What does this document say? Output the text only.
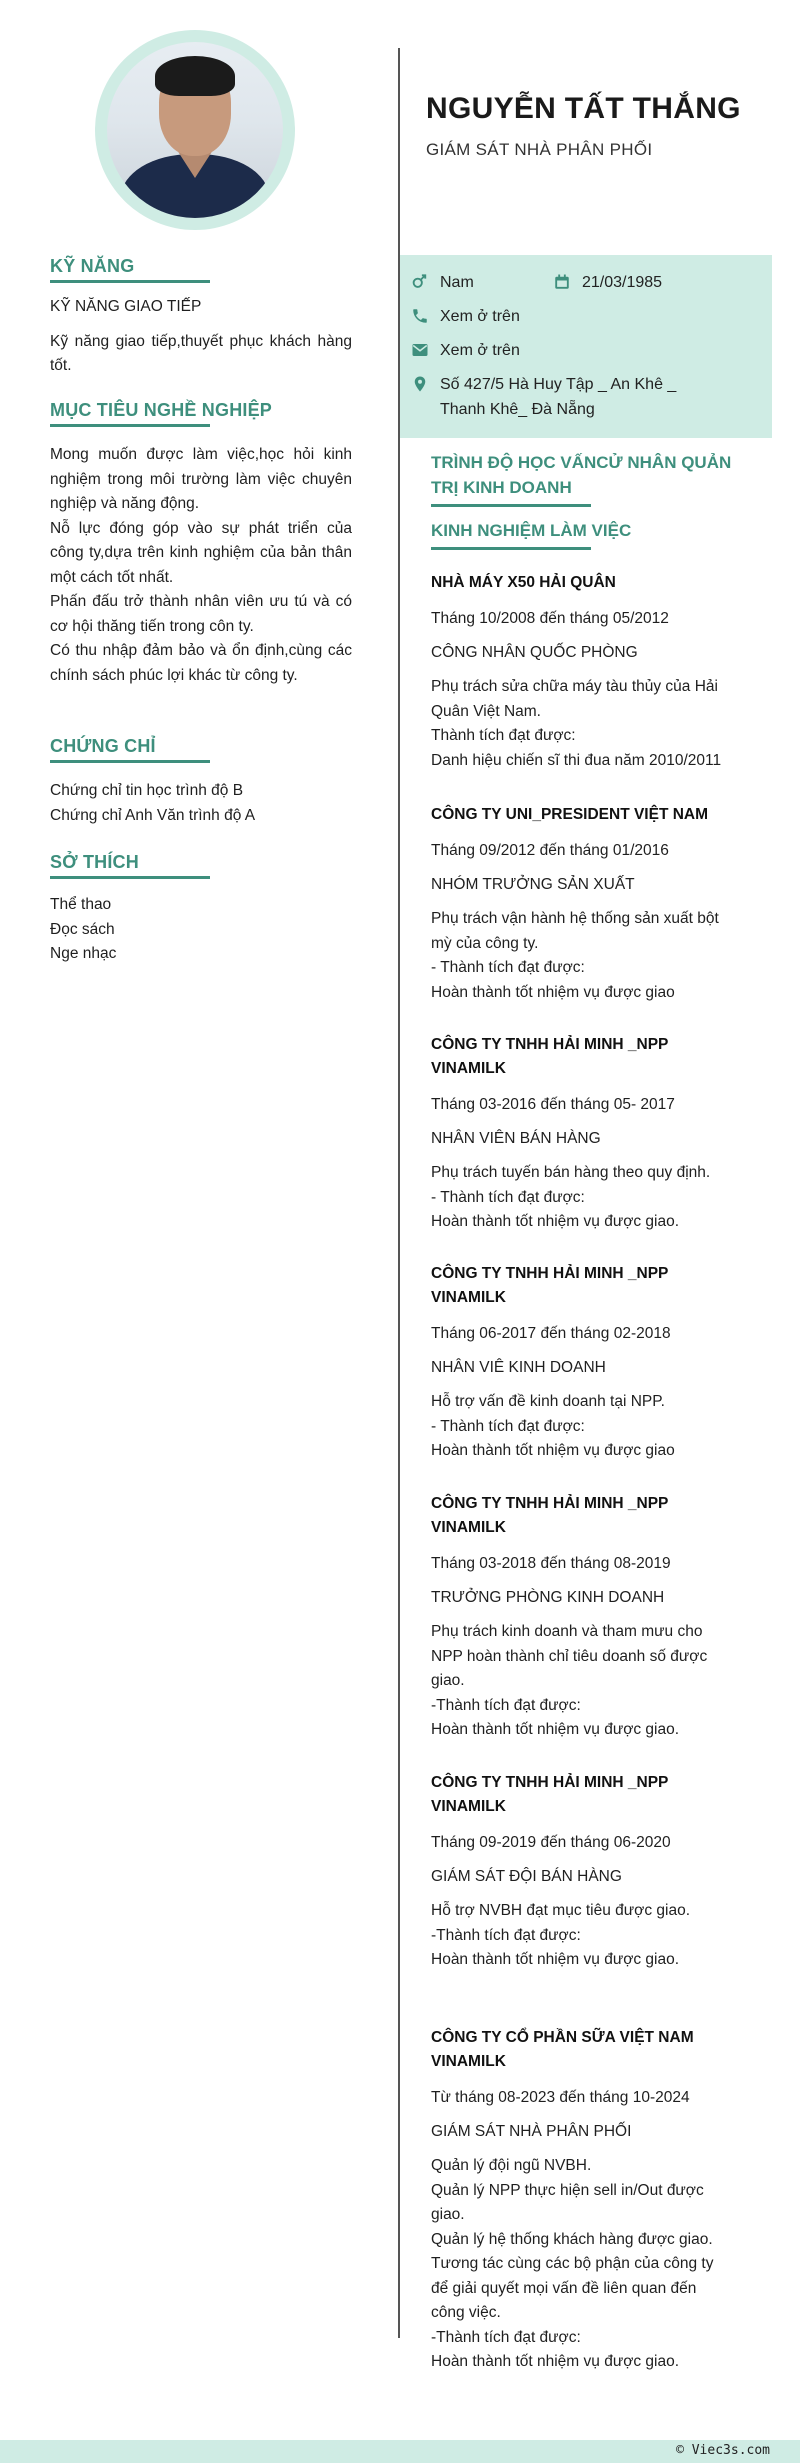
KỸ NĂNG

KỸ NĂNG GIAO TIẾP

Kỹ năng giao tiếp,thuyết phục khách hàng tốt.

MỤC TIÊU NGHỀ NGHIỆP

Mong muốn được làm việc,học hỏi kinh nghiệm trong môi trường làm việc chuyên nghiệp và năng động.

Nỗ lực đóng góp vào sự phát triển của công ty,dựa trên kinh nghiệm của bản thân một cách tốt nhất.

Phấn đấu trở thành nhân viên ưu tú và có cơ hội thăng tiến trong côn ty.

Có thu nhập đảm bảo và ổn định,cùng các chính sách phúc lợi khác từ công ty.

CHỨNG CHỈ

Chứng chỉ tin học trình độ B

Chứng chỉ Anh Văn trình độ A

SỞ THÍCH

Thể thao

Đọc sách

Nge nhạc

NGUYỄN TẤT THẮNG
GIÁM SÁT NHÀ PHÂN PHỐI
Nam	21/03/1985
Xem ở trên
Xem ở trên
Số 427/5 Hà Huy Tập _ An Khê _
Thanh Khê_ Đà Nẵng
TRÌNH ĐỘ HỌC VẤNCỬ NHÂN QUẢN
TRỊ KINH DOANH
KINH NGHIỆM LÀM VIỆC
NHÀ MÁY X50 HẢI QUÂN
Tháng 10/2008 đến tháng 05/2012
CÔNG NHÂN QUỐC PHÒNG
Phụ trách sửa chữa máy tàu thủy của Hải
Quân Việt Nam.
Thành tích đạt được:
Danh hiệu chiến sĩ thi đua năm 2010/2011
CÔNG TY UNI_PRESIDENT VIỆT NAM
Tháng 09/2012 đến tháng 01/2016
NHÓM TRƯỞNG SẢN XUẤT
Phụ trách vận hành hệ thống sản xuất bột
mỳ của công ty.
- Thành tích đạt được:
Hoàn thành tốt nhiệm vụ được giao
CÔNG TY TNHH HẢI MINH _NPP
VINAMILK
Tháng 03-2016 đến tháng 05- 2017
NHÂN VIÊN BÁN HÀNG
Phụ trách tuyến bán hàng theo quy định.
- Thành tích đạt được:
Hoàn thành tốt nhiệm vụ được giao.
CÔNG TY TNHH HẢI MINH _NPP
VINAMILK
Tháng 06-2017 đến tháng 02-2018
NHÂN VIÊ KINH DOANH
Hỗ trợ vấn đề kinh doanh tại NPP.
- Thành tích đạt được:
Hoàn thành tốt nhiệm vụ được giao
CÔNG TY TNHH HẢI MINH _NPP
VINAMILK
Tháng 03-2018 đến tháng 08-2019
TRƯỞNG PHÒNG KINH DOANH
Phụ trách kinh doanh và tham mưu cho
NPP hoàn thành chỉ tiêu doanh số được
giao.
-Thành tích đạt được:
Hoàn thành tốt nhiệm vụ được giao.
CÔNG TY TNHH HẢI MINH _NPP
VINAMILK
Tháng 09-2019 đến tháng 06-2020
GIÁM SÁT ĐỘI BÁN HÀNG
Hỗ trợ NVBH đạt mục tiêu được giao.
-Thành tích đạt được:
Hoàn thành tốt nhiệm vụ được giao.
CÔNG TY CỔ PHẦN SỮA VIỆT NAM
VINAMILK
Từ tháng 08-2023 đến tháng 10-2024
GIÁM SÁT NHÀ PHÂN PHỐI
Quản lý đội ngũ NVBH.
Quản lý NPP thực hiện sell in/Out được
giao.
Quản lý hệ thống khách hàng được giao.
Tương tác cùng các bộ phận của công ty
để giải quyết mọi vấn đề liên quan đến
công việc.
-Thành tích đạt được:
Hoàn thành tốt nhiệm vụ được giao.
© Viec3s.com
